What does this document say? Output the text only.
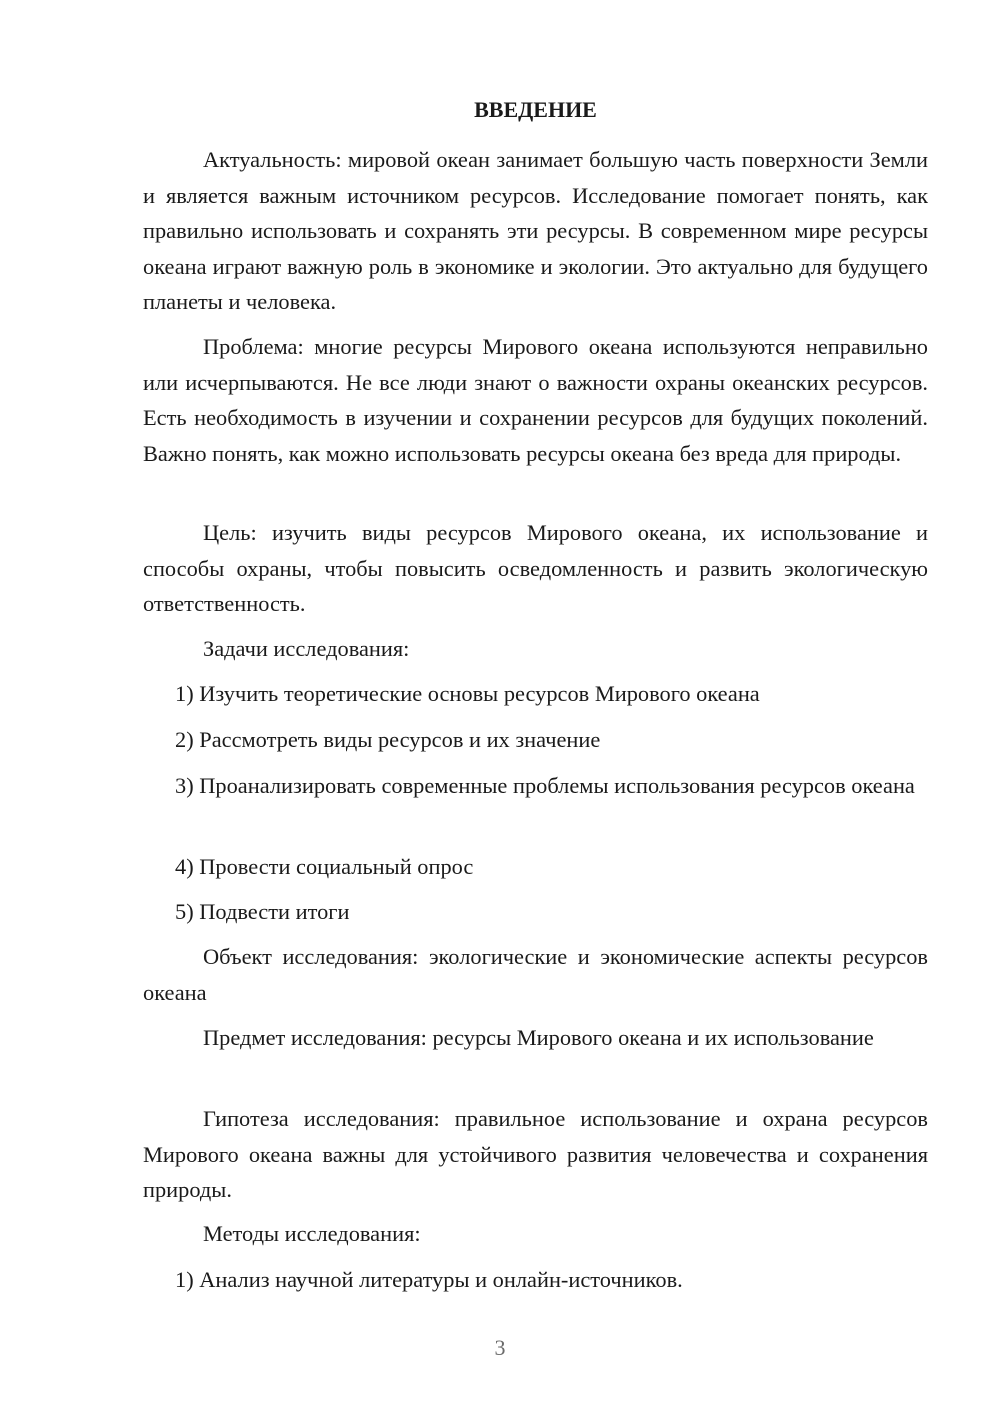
ВВЕДЕНИЕ

Актуальность: мировой океан занимает большую часть поверхности Земли и является важным источником ресурсов. Исследование помогает понять, как правильно использовать и сохранять эти ресурсы. В современном мире ресурсы океана играют важную роль в экономике и экологии. Это актуально для будущего планеты и человека.

Проблема: многие ресурсы Мирового океана используются неправильно или исчерпываются. Не все люди знают о важности охраны океанских ресурсов. Есть необходимость в изучении и сохранении ресурсов для будущих поколений. Важно понять, как можно использовать ресурсы океана без вреда для природы.

Цель: изучить виды ресурсов Мирового океана, их использование и способы охраны, чтобы повысить осведомленность и развить экологическую ответственность.

Задачи исследования:

1) Изучить теоретические основы ресурсов Мирового океана

2) Рассмотреть виды ресурсов и их значение

3) Проанализировать современные проблемы использования ресурсов океана

4) Провести социальный опрос

5) Подвести итоги

Объект исследования: экологические и экономические аспекты ресурсов океана

Предмет исследования: ресурсы Мирового океана и их использование

Гипотеза исследования: правильное использование и охрана ресурсов Мирового океана важны для устойчивого развития человечества и сохранения природы.

Методы исследования:

1) Анализ научной литературы и онлайн-источников.

3
